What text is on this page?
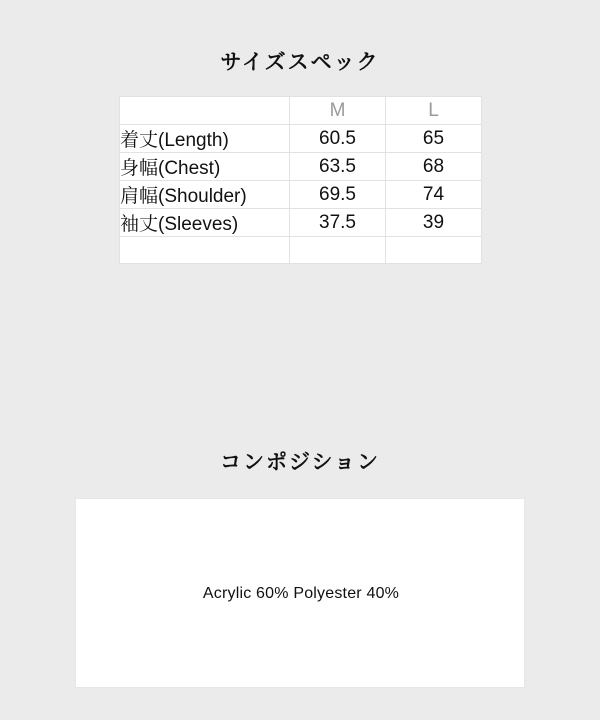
サイズスペック
	M	L
着丈(Length)	60.5	65
身幅(Chest)	63.5	68
肩幅(Shoulder)	69.5	74
袖丈(Sleeves)	37.5	39

コンポジション
Acrylic 60% Polyester 40%
